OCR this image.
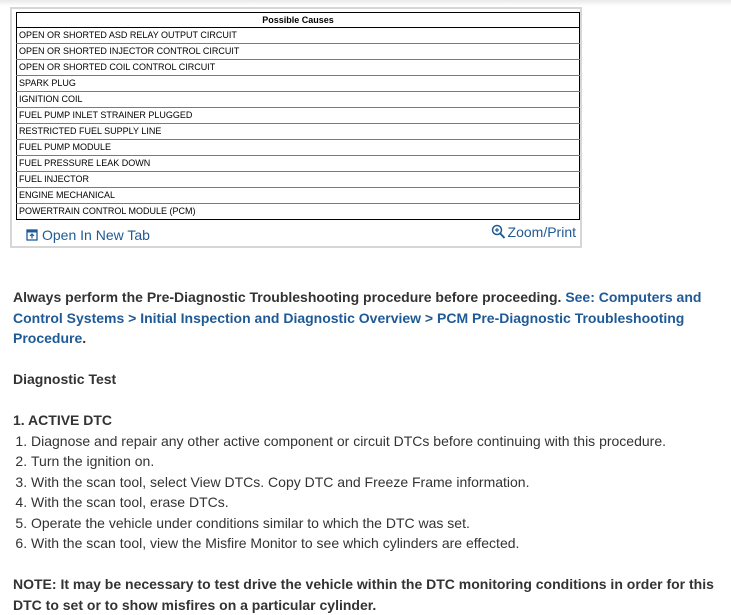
Possible Causes
OPEN OR SHORTED ASD RELAY OUTPUT CIRCUIT
OPEN OR SHORTED INJECTOR CONTROL CIRCUIT
OPEN OR SHORTED COIL CONTROL CIRCUIT
SPARK PLUG
IGNITION COIL
FUEL PUMP INLET STRAINER PLUGGED
RESTRICTED FUEL SUPPLY LINE
FUEL PUMP MODULE
FUEL PRESSURE LEAK DOWN
FUEL INJECTOR
ENGINE MECHANICAL
POWERTRAIN CONTROL MODULE (PCM)
Open In New Tab	Zoom/Print

Always perform the Pre-Diagnostic Troubleshooting procedure before proceeding. See: Computers and Control Systems > Initial Inspection and Diagnostic Overview > PCM Pre-Diagnostic Troubleshooting Procedure.

Diagnostic Test

1. ACTIVE DTC

1. Diagnose and repair any other active component or circuit DTCs before continuing with this procedure.
2. Turn the ignition on.
3. With the scan tool, select View DTCs. Copy DTC and Freeze Frame information.
4. With the scan tool, erase DTCs.
5. Operate the vehicle under conditions similar to which the DTC was set.
6. With the scan tool, view the Misfire Monitor to see which cylinders are effected.

NOTE: It may be necessary to test drive the vehicle within the DTC monitoring conditions in order for this DTC to set or to show misfires on a particular cylinder.
